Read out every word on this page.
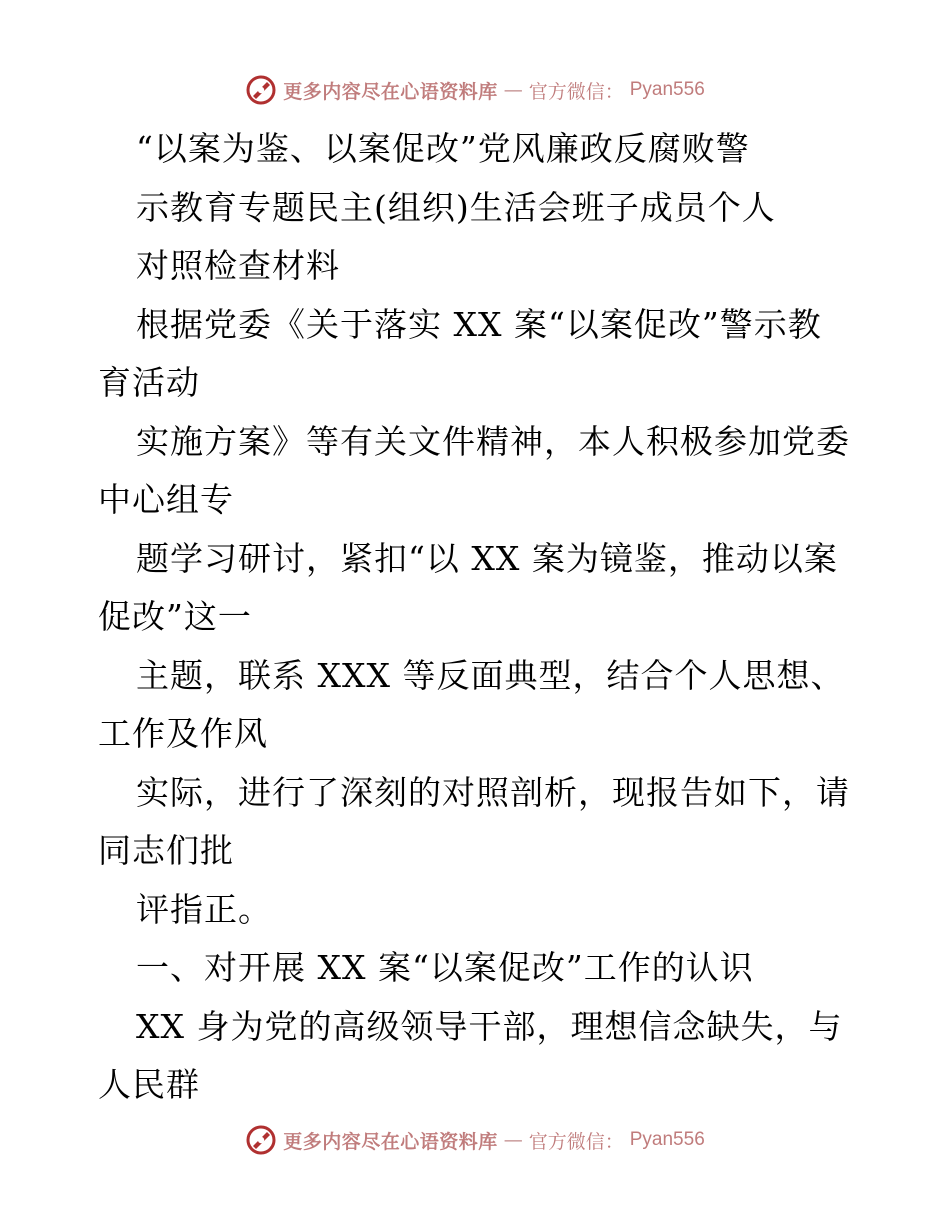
更多内容尽在心语资料库 — 官方微信： Pyan556
“以案为鉴、以案促改”党风廉政反腐败警
示教育专题民主(组织)生活会班子成员个人
对照检查材料
根据党委《关于落实 XX 案“以案促改”警示教
育活动
实施方案》等有关文件精神，本人积极参加党委
中心组专
题学习研讨，紧扣“以 XX 案为镜鉴，推动以案
促改”这一
主题，联系 XXX 等反面典型，结合个人思想、
工作及作风
实际，进行了深刻的对照剖析，现报告如下，请
同志们批
评指正。
一、对开展 XX 案“以案促改”工作的认识
XX 身为党的高级领导干部，理想信念缺失，与
人民群
更多内容尽在心语资料库 — 官方微信： Pyan556
